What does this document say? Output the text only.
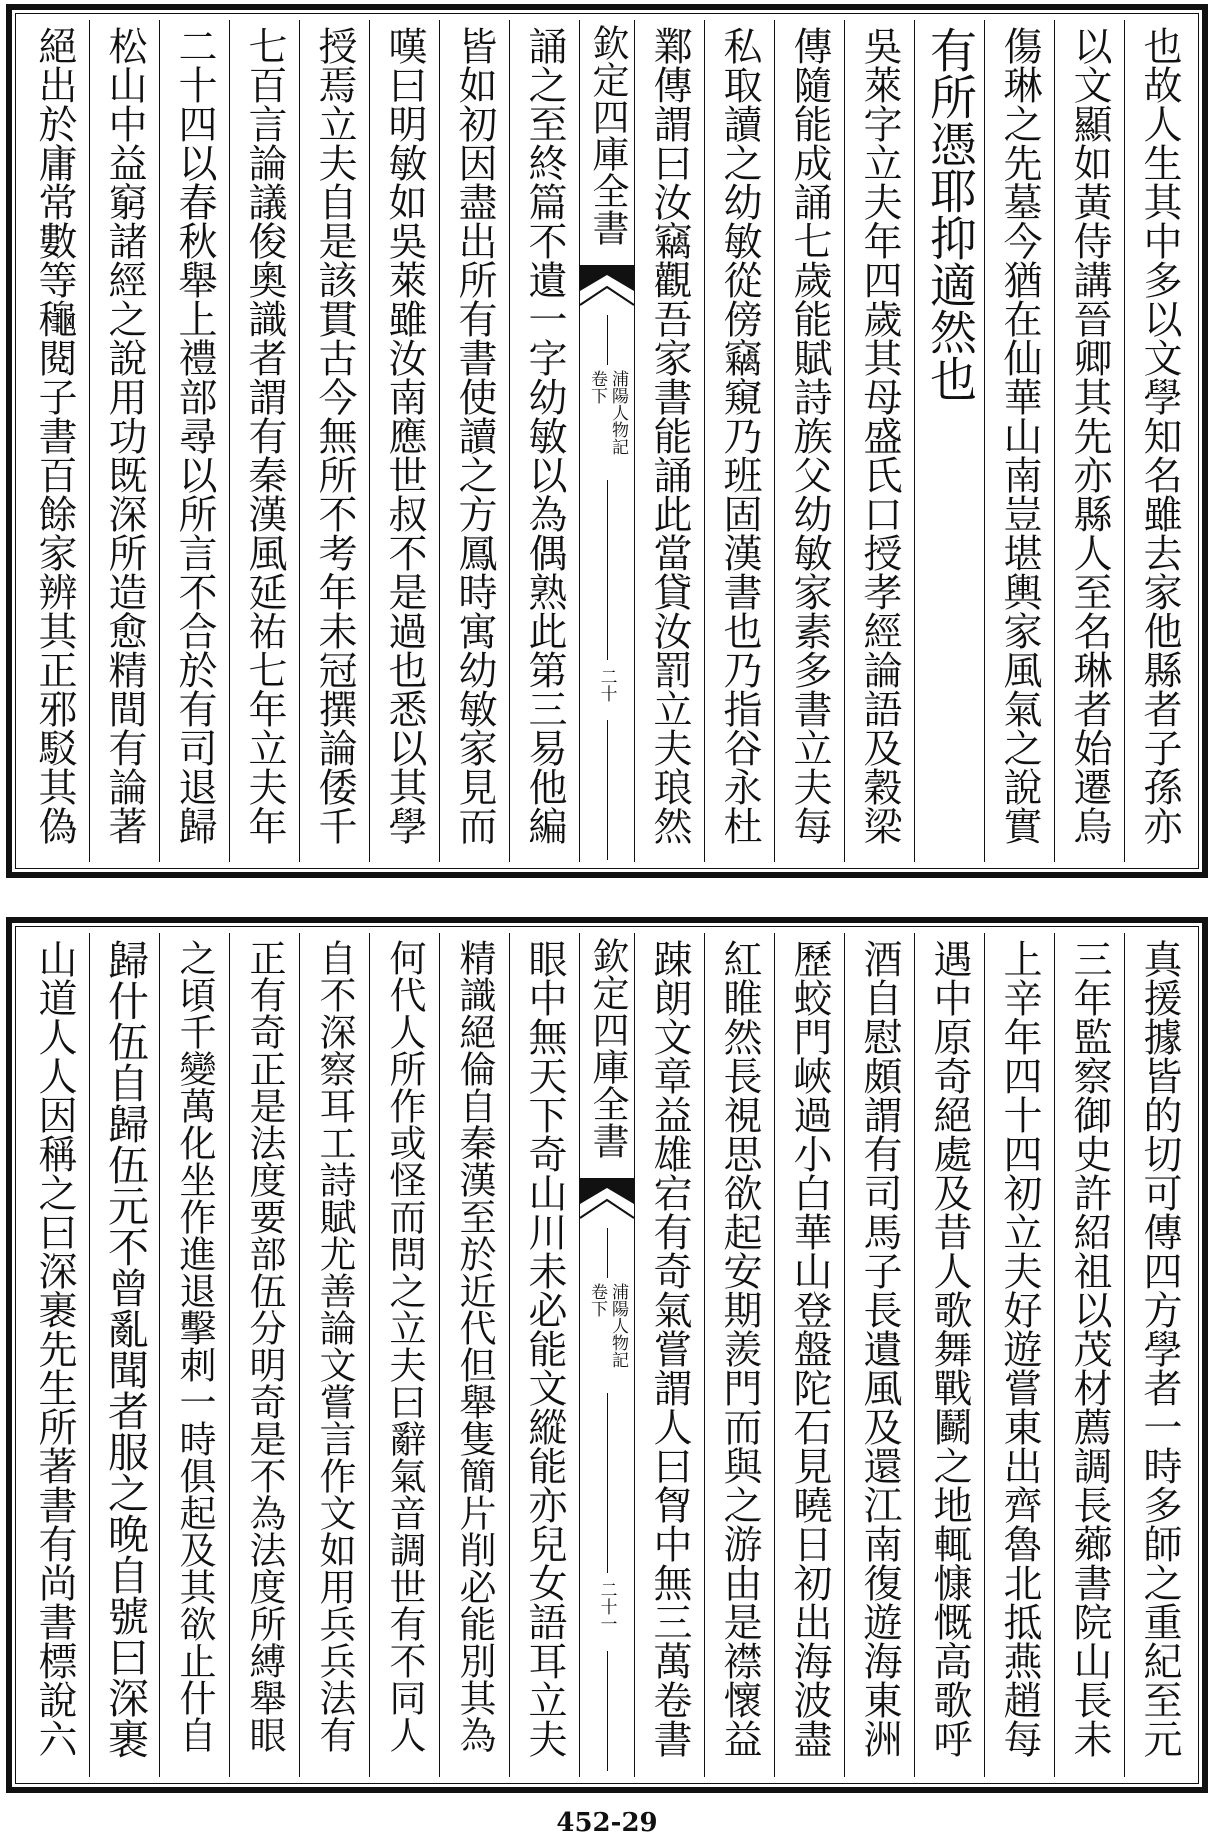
也故人生其中多以文學知名雖去家他縣者子孫亦
以文顯如黃侍講晉卿其先亦縣人至名琳者始遷烏
傷琳之先墓今猶在仙華山南豈堪輿家風氣之說實
有所憑耶抑適然也
吳萊字立夫年四歲其母盛氏口授孝經論語及穀梁
傳隨能成誦七歲能賦詩族父幼敏家素多書立夫每
私取讀之幼敏從傍竊窺乃班固漢書也乃指谷永杜
鄴傳謂曰汝竊觀吾家書能誦此當貸汝罰立夫琅然
欽定四庫全書
浦陽人物記
卷下
二十
誦之至終篇不遺一字幼敏以為偶熟此第三易他編
皆如初因盡出所有書使讀之方鳳時寓幼敏家見而
嘆曰明敏如吳萊雖汝南應世叔不是過也悉以其學
授焉立夫自是該貫古今無所不考年未冠撰論倭千
七百言論議俊奧識者謂有秦漢風延祐七年立夫年
二十四以春秋舉上禮部尋以所言不合於有司退歸
松山中益窮諸經之說用功既深所造愈精間有論著
絕出於庸常數等龝閱子書百餘家辨其正邪駁其偽
真援據皆的切可傳四方學者一時多師之重紀至元
三年監察御史許紹祖以茂材薦調長薌書院山長未
上辛年四十四初立夫好遊嘗東出齊魯北抵燕趙每
遇中原奇絕處及昔人歌舞戰鬬之地輒慷慨高歌呼
酒自慰頗謂有司馬子長遺風及還江南復遊海東洲
歷蛟門峽過小白華山登盤陀石見曉日初出海波盡
紅睢然長視思欲起安期羨門而與之游由是襟懷益
踈朗文章益雄宕有奇氣嘗謂人曰胷中無三萬卷書
欽定四庫全書
浦陽人物記
卷下
二十一
眼中無天下奇山川未必能文縱能亦兒女語耳立夫
精識絕倫自秦漢至於近代但舉隻簡片削必能別其為
何代人所作或怪而問之立夫曰辭氣音調世有不同人
自不深察耳工詩賦尤善論文嘗言作文如用兵兵法有
正有奇正是法度要部伍分明奇是不為法度所縛舉眼
之頃千變萬化坐作進退擊刺一時俱起及其欲止什自
歸什伍自歸伍元不曾亂聞者服之晚自號曰深裹
山道人人因稱之曰深裹先生所著書有尚書標說六
452-29
